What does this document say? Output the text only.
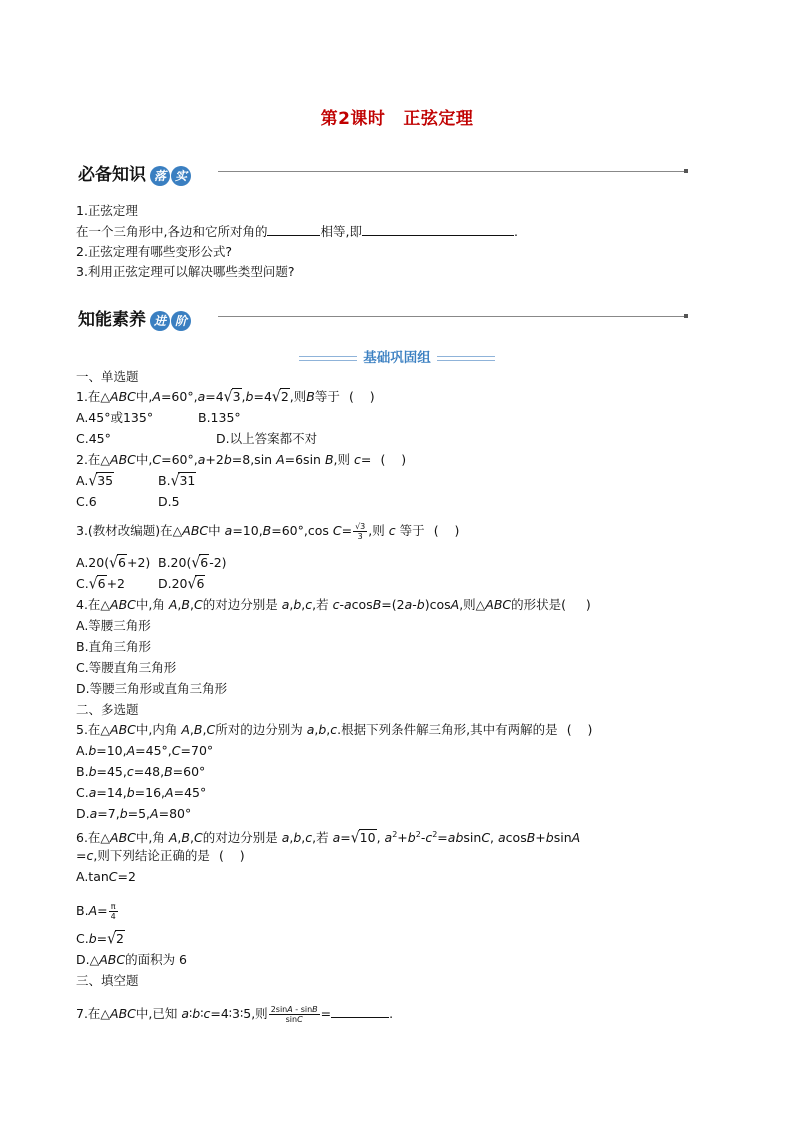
第2课时 正弦定理
必备知识 落 实
1.正弦定理
在一个三角形中,各边和它所对角的	相等,即	.
2.正弦定理有哪些变形公式?
3.利用正弦定理可以解决哪些类型问题?
知能素养 进 阶
基础巩固组
一、单选题
1.在△ABC中,A=60°,a=4√3,b=4√2,则B等于 (    )
A.45°或135°	B.135°
C.45°	D.以上答案都不对
2.在△ABC中,C=60°,a+2b=8,sin A=6sin B,则 c= (    )
A.√35	B.√31
C.6	D.5
3.(教材改编题)在△ABC中 a=10,B=60°,cos $C= \frac{√3}{3}$ ,则 c 等于 (    )
A.20(√6+2) B.20(√6-2)
C.√6+2	D.20√6
4.在△ABC中,角 A,B,C的对边分别是 a,b,c,若 c-acosB=(2a-b)cosA,则△ABC的形状是(     )
A.等腰三角形
B.直角三角形
C.等腰直角三角形
D.等腰三角形或直角三角形
二、多选题
5.在△ABC中,内角 A,B,C所对的边分别为 a,b,c.根据下列条件解三角形,其中有两解的是 (    )
A.b=10,A=45°,C=70°
B.b=45,c=48,B=60°
C.a=14,b=16,A=45°
D.a=7,b=5,A=80°
6.在△ABC中,角 A,B,C的对边分别是 a,b,c,若 a=√10, $a^2+b^2-c^2=absinC$, acosB+bsinA
=c,则下列结论正确的是 (    )
A.tanC=2
$B.A= \frac{\pi}{4}$
C.b=√2
D.△ABC的面积为 6
三、填空题
7.在△ABC中,已知 a∶b∶c=4∶3∶5,则 $\frac{2\sin A - \sin B}{\sin C}$ =	.
